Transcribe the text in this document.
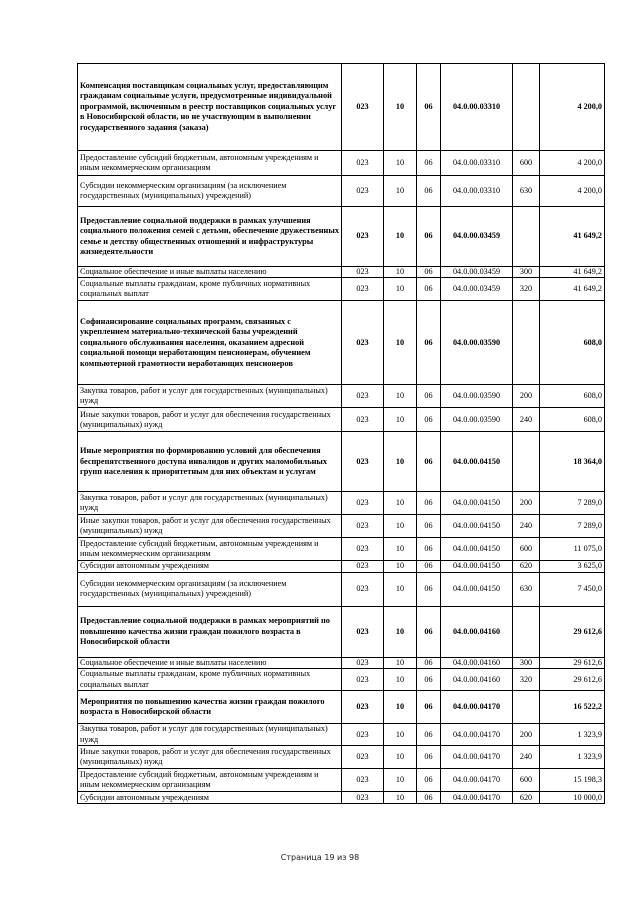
Компенсация поставщикам социальных услуг, предоставляющим гражданам социальные услуги, предусмотренные индивидуальной программой, включенным в реестр поставщиков социальных услуг в Новосибирской области, но не участвующим в выполнении государственного задания (заказа)	023	10	06	04.0.00.03310		4 200,0
Предоставление субсидий бюджетным, автономным учреждениям и иным некоммерческим организациям	023	10	06	04.0.00.03310	600	4 200,0
Субсидии некоммерческим организациям (за исключением государственных (муниципальных) учреждений)	023	10	06	04.0.00.03310	630	4 200,0
Предоставление социальной поддержки в рамках улучшения социального положения семей с детьми, обеспечение дружественных семье и детству общественных отношений и инфраструктуры жизнедеятельности	023	10	06	04.0.00.03459		41 649,2
Социальное обеспечение и иные выплаты населению	023	10	06	04.0.00.03459	300	41 649,2
Социальные выплаты гражданам, кроме публичных нормативных социальных выплат	023	10	06	04.0.00.03459	320	41 649,2
Софинансирование социальных программ, связанных с укреплением материально-технической базы учреждений социального обслуживания населения, оказанием адресной социальной помощи неработающим пенсионерам, обучением компьютерной грамотности неработающих пенсионеров	023	10	06	04.0.00.03590		608,0
Закупка товаров, работ и услуг для государственных (муниципальных) нужд	023	10	06	04.0.00.03590	200	608,0
Иные закупки товаров, работ и услуг для обеспечения государственных (муниципальных) нужд	023	10	06	04.0.00.03590	240	608,0
Иные мероприятия по формированию условий для обеспечения беспрепятственного доступа инвалидов и других маломобильных групп населения к приоритетным для них объектам и услугам	023	10	06	04.0.00.04150		18 364,0
Закупка товаров, работ и услуг для государственных (муниципальных) нужд	023	10	06	04.0.00.04150	200	7 289,0
Иные закупки товаров, работ и услуг для обеспечения государственных (муниципальных) нужд	023	10	06	04.0.00.04150	240	7 289,0
Предоставление субсидий бюджетным, автономным учреждениям и иным некоммерческим организациям	023	10	06	04.0.00.04150	600	11 075,0
Субсидии автономным учреждениям	023	10	06	04.0.00.04150	620	3 625,0
Субсидии некоммерческим организациям (за исключением государственных (муниципальных) учреждений)	023	10	06	04.0.00.04150	630	7 450,0
Предоставление социальной поддержки в рамках мероприятий по повышению качества жизни граждан пожилого возраста в Новосибирской области	023	10	06	04.0.00.04160		29 612,6
Социальное обеспечение и иные выплаты населению	023	10	06	04.0.00.04160	300	29 612,6
Социальные выплаты гражданам, кроме публичных нормативных социальных выплат	023	10	06	04.0.00.04160	320	29 612,6
Мероприятия по повышению качества жизни граждан пожилого возраста в Новосибирской области	023	10	06	04.0.00.04170		16 522,2
Закупка товаров, работ и услуг для государственных (муниципальных) нужд	023	10	06	04.0.00.04170	200	1 323,9
Иные закупки товаров, работ и услуг для обеспечения государственных (муниципальных) нужд	023	10	06	04.0.00.04170	240	1 323,9
Предоставление субсидий бюджетным, автономным учреждениям и иным некоммерческим организациям	023	10	06	04.0.00.04170	600	15 198,3
Субсидии автономным учреждениям	023	10	06	04.0.00.04170	620	10 000,0
Страница 19 из 98
